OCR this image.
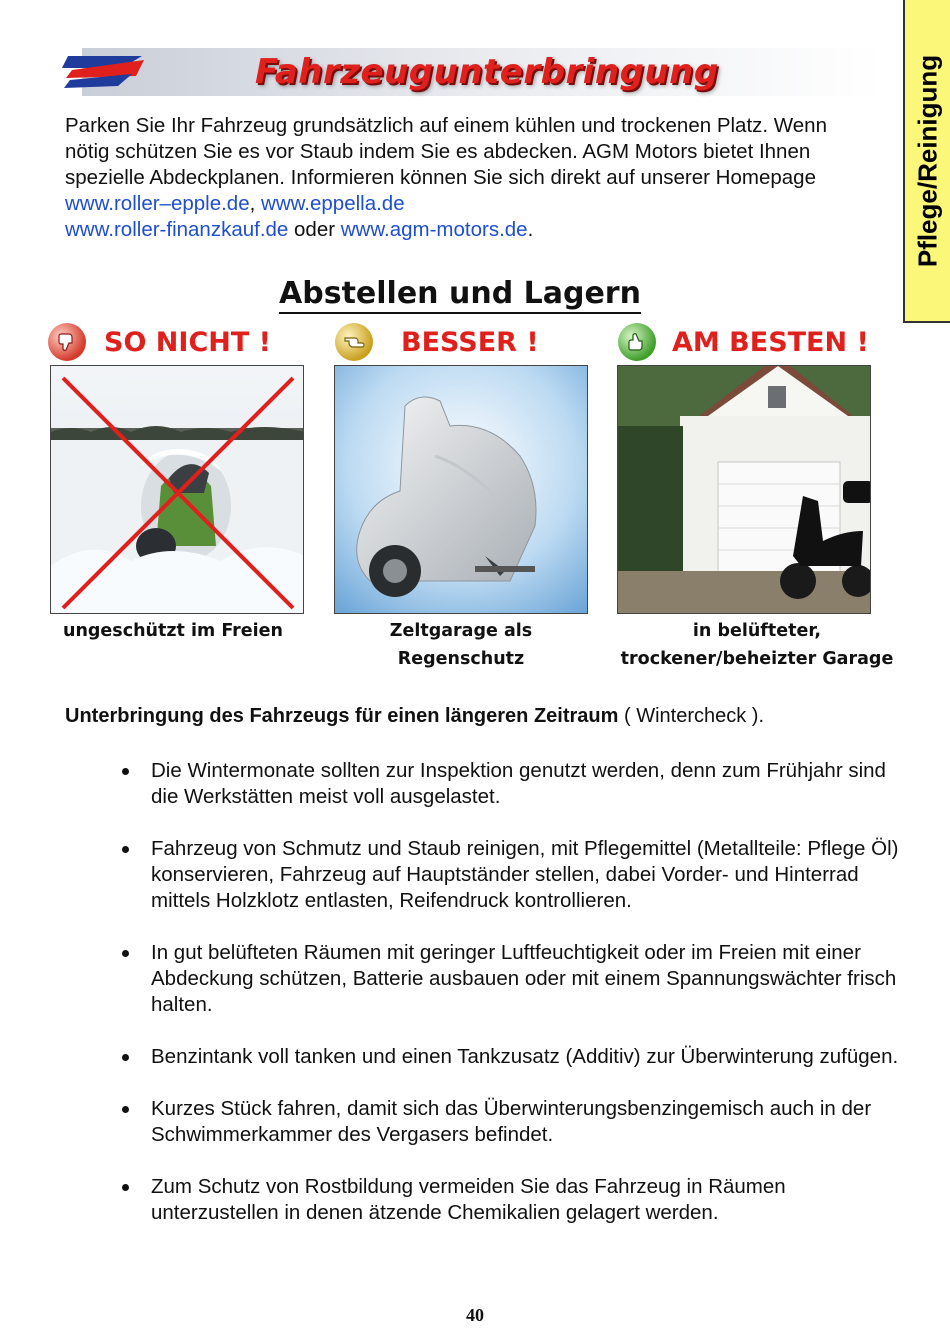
Fahrzeugunterbringung	Pflege/Reinigung
Parken Sie Ihr Fahrzeug grundsätzlich auf einem kühlen und trockenen Platz. Wenn nötig schützen Sie es vor Staub indem Sie es abdecken. AGM Motors bietet Ihnen spezielle Abdeckplanen. Informieren können Sie sich direkt auf unserer Homepage www.roller–epple.de, www.eppella.de
www.roller-finanzkauf.de oder www.agm-motors.de.
Abstellen und Lagern
SO NICHT !	BESSER !	AM BESTEN !
ungeschützt im Freien	Zeltgarage als
Regenschutz
in belüfteter,
trockener/beheizter Garage
Unterbringung des Fahrzeugs für einen längeren Zeitraum ( Wintercheck ).
Die Wintermonate sollten zur Inspektion genutzt werden, denn zum Frühjahr sind die Werkstätten meist voll ausgelastet.
Fahrzeug von Schmutz und Staub reinigen, mit Pflegemittel (Metallteile: Pflege Öl) konservieren, Fahrzeug auf Hauptständer stellen, dabei Vorder- und Hinterrad mittels Holzklotz entlasten, Reifendruck kontrollieren.
In gut belüfteten Räumen mit geringer Luftfeuchtigkeit oder im Freien mit einer Abdeckung schützen, Batterie ausbauen oder mit einem Spannungswächter frisch halten.
Benzintank voll tanken und einen Tankzusatz (Additiv) zur Überwinterung zufügen.
Kurzes Stück fahren, damit sich das Überwinterungsbenzingemisch auch in der Schwimmerkammer des Vergasers befindet.
Zum Schutz von Rostbildung vermeiden Sie das Fahrzeug in Räumen unterzustellen in denen ätzende Chemikalien gelagert werden.
40
